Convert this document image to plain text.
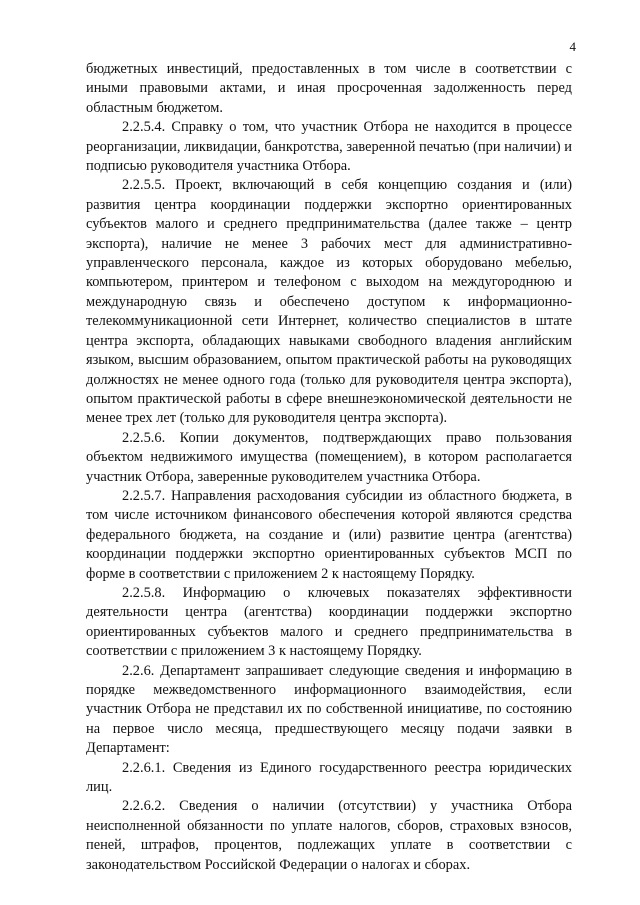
4

бюджетных инвестиций, предоставленных в том числе в соответствии с иными правовыми актами, и иная просроченная задолженность перед областным бюджетом.

2.2.5.4. Справку о том, что участник Отбора не находится в процессе реорганизации, ликвидации, банкротства, заверенной печатью (при наличии) и подписью руководителя участника Отбора.

2.2.5.5. Проект, включающий в себя концепцию создания и (или) развития центра координации поддержки экспортно ориентированных субъектов малого и среднего предпринимательства (далее также – центр экспорта), наличие не менее 3 рабочих мест для административно-управленческого персонала, каждое из которых оборудовано мебелью, компьютером, принтером и телефоном с выходом на междугороднюю и международную связь и обеспечено доступом к информационно-телекоммуникационной сети Интернет, количество специалистов в штате центра экспорта, обладающих навыками свободного владения английским языком, высшим образованием, опытом практической работы на руководящих должностях не менее одного года (только для руководителя центра экспорта), опытом практической работы в сфере внешнеэкономической деятельности не менее трех лет (только для руководителя центра экспорта).

2.2.5.6. Копии документов, подтверждающих право пользования объектом недвижимого имущества (помещением), в котором располагается участник Отбора, заверенные руководителем участника Отбора.

2.2.5.7. Направления расходования субсидии из областного бюджета, в том числе источником финансового обеспечения которой являются средства федерального бюджета, на создание и (или) развитие центра (агентства) координации поддержки экспортно ориентированных субъектов МСП по форме в соответствии с приложением 2 к настоящему Порядку.

2.2.5.8. Информацию о ключевых показателях эффективности деятельности центра (агентства) координации поддержки экспортно ориентированных субъектов малого и среднего предпринимательства в соответствии с приложением 3 к настоящему Порядку.

2.2.6. Департамент запрашивает следующие сведения и информацию в порядке межведомственного информационного взаимодействия, если участник Отбора не представил их по собственной инициативе, по состоянию на первое число месяца, предшествующего месяцу подачи заявки в Департамент:

2.2.6.1. Сведения из Единого государственного реестра юридических лиц.

2.2.6.2. Сведения о наличии (отсутствии) у участника Отбора неисполненной обязанности по уплате налогов, сборов, страховых взносов, пеней, штрафов, процентов, подлежащих уплате в соответствии с законодательством Российской Федерации о налогах и сборах.
